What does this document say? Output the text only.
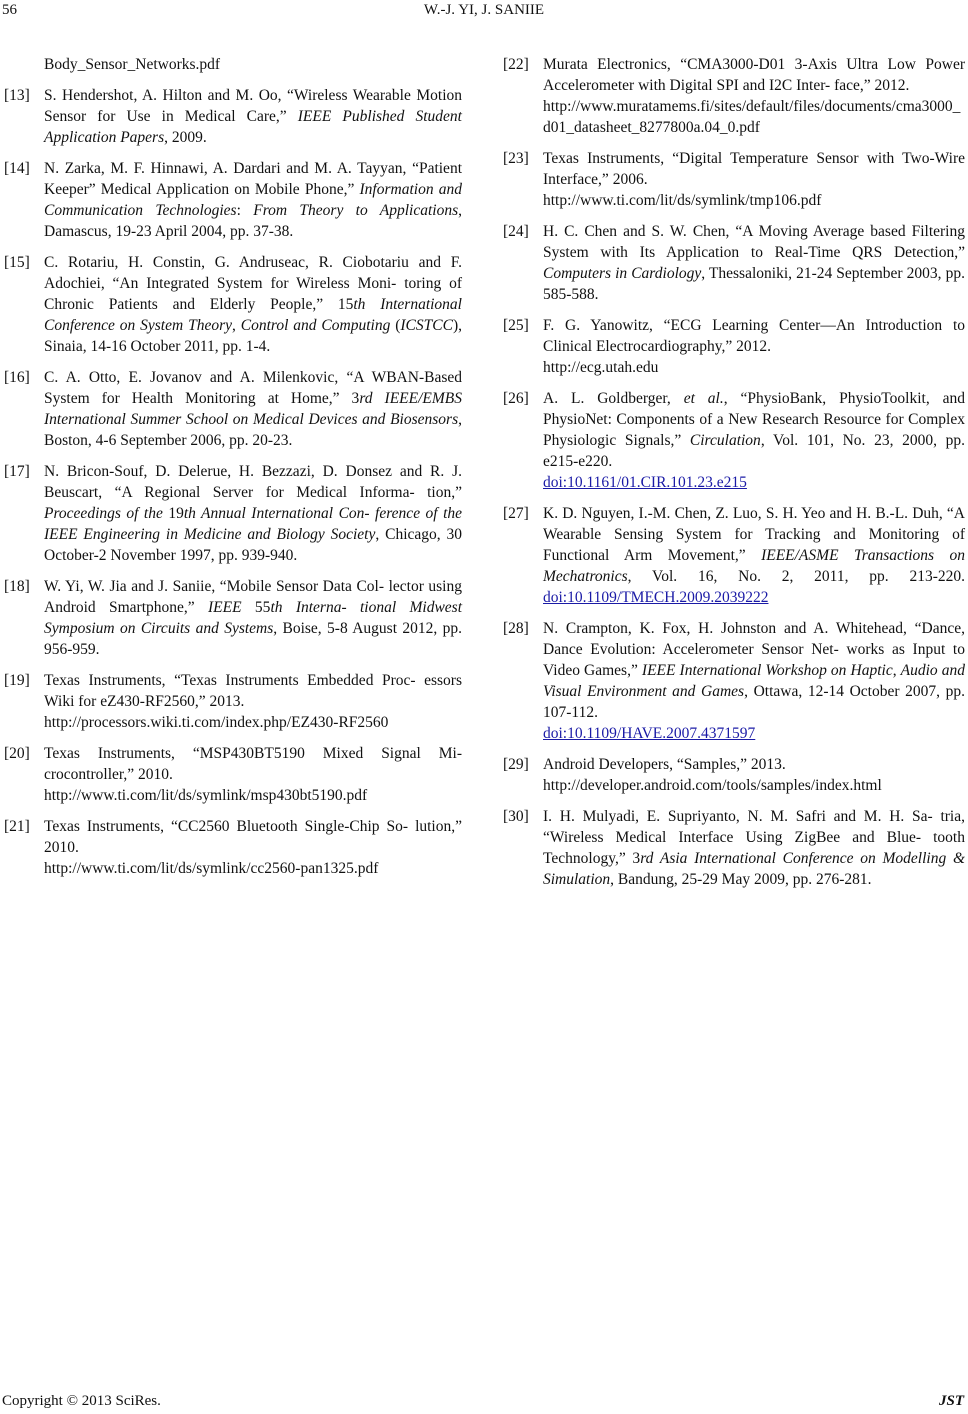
56	W.-J. YI, J. SANIIE
Body_Sensor_Networks.pdf
[13] S. Hendershot, A. Hilton and M. Oo, “Wireless Wearable Motion Sensor for Use in Medical Care,” IEEE Published Student Application Papers, 2009.
[14] N. Zarka, M. F. Hinnawi, A. Dardari and M. A. Tayyan, “Patient Keeper” Medical Application on Mobile Phone,” Information and Communication Technologies: From Theory to Applications, Damascus, 19-23 April 2004, pp. 37-38.
[15] C. Rotariu, H. Constin, G. Andruseac, R. Ciobotariu and F. Adochiei, “An Integrated System for Wireless Moni- toring of Chronic Patients and Elderly People,” 15th International Conference on System Theory, Control and Computing (ICSTCC), Sinaia, 14-16 October 2011, pp. 1-4.
[16] C. A. Otto, E. Jovanov and A. Milenkovic, “A WBAN-Based System for Health Monitoring at Home,” 3rd IEEE/EMBS International Summer School on Medical Devices and Biosensors, Boston, 4-6 September 2006, pp. 20-23.
[17] N. Bricon-Souf, D. Delerue, H. Bezzazi, D. Donsez and R. J. Beuscart, “A Regional Server for Medical Informa- tion,” Proceedings of the 19th Annual International Con- ference of the IEEE Engineering in Medicine and Biology Society, Chicago, 30 October-2 November 1997, pp. 939-940.
[18] W. Yi, W. Jia and J. Saniie, “Mobile Sensor Data Col- lector using Android Smartphone,” IEEE 55th Interna- tional Midwest Symposium on Circuits and Systems, Boise, 5-8 August 2012, pp. 956-959.
[19] Texas Instruments, “Texas Instruments Embedded Proc- essors Wiki for eZ430-RF2560,” 2013.
http://processors.wiki.ti.com/index.php/EZ430-RF2560
[20] Texas Instruments, “MSP430BT5190 Mixed Signal Mi- crocontroller,” 2010.
http://www.ti.com/lit/ds/symlink/msp430bt5190.pdf
[21] Texas Instruments, “CC2560 Bluetooth Single-Chip So- lution,” 2010.
http://www.ti.com/lit/ds/symlink/cc2560-pan1325.pdf
[22] Murata Electronics, “CMA3000-D01 3-Axis Ultra Low Power Accelerometer with Digital SPI and I2C Inter- face,” 2012.
http://www.muratamems.fi/sites/default/files/documents/cma3000_d01_datasheet_8277800a.04_0.pdf
[23] Texas Instruments, “Digital Temperature Sensor with Two-Wire Interface,” 2006.
http://www.ti.com/lit/ds/symlink/tmp106.pdf
[24] H. C. Chen and S. W. Chen, “A Moving Average based Filtering System with Its Application to Real-Time QRS Detection,” Computers in Cardiology, Thessaloniki, 21-24 September 2003, pp. 585-588.
[25] F. G. Yanowitz, “ECG Learning Center—An Introduction to Clinical Electrocardiography,” 2012.
http://ecg.utah.edu
[26] A. L. Goldberger, et al., “PhysioBank, PhysioToolkit, and PhysioNet: Components of a New Research Resource for Complex Physiologic Signals,” Circulation, Vol. 101, No. 23, 2000, pp. e215-e220.
doi:10.1161/01.CIR.101.23.e215
[27] K. D. Nguyen, I.-M. Chen, Z. Luo, S. H. Yeo and H. B.-L. Duh, “A Wearable Sensing System for Tracking and Monitoring of Functional Arm Movement,” IEEE/ASME Transactions on Mechatronics, Vol. 16, No. 2, 2011, pp. 213-220. doi:10.1109/TMECH.2009.2039222
[28] N. Crampton, K. Fox, H. Johnston and A. Whitehead, “Dance, Dance Evolution: Accelerometer Sensor Net- works as Input to Video Games,” IEEE International Workshop on Haptic, Audio and Visual Environment and Games, Ottawa, 12-14 October 2007, pp. 107-112.
doi:10.1109/HAVE.2007.4371597
[29] Android Developers, “Samples,” 2013.
http://developer.android.com/tools/samples/index.html
[30] I. H. Mulyadi, E. Supriyanto, N. M. Safri and M. H. Sa- tria, “Wireless Medical Interface Using ZigBee and Blue- tooth Technology,” 3rd Asia International Conference on Modelling & Simulation, Bandung, 25-29 May 2009, pp. 276-281.
Copyright © 2013 SciRes.	JST
